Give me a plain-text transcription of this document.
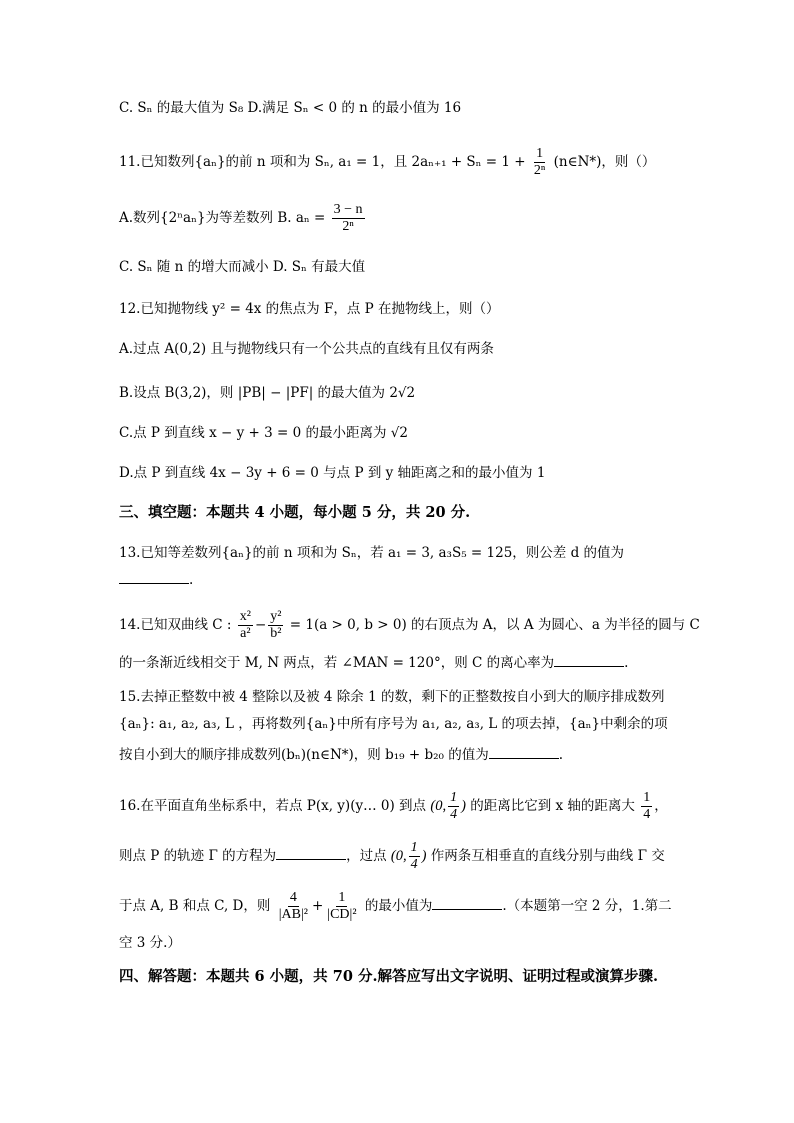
C. Sₙ 的最大值为 S₈ D.满足 Sₙ < 0 的 n 的最小值为 16
11.已知数列{aₙ}的前 n 项和为 Sₙ, a₁ = 1，且 $2a_{n+1} + S_n = 1 + \frac{1}{\text{2ⁿ}}$ (n∈N*)，则（）
A.数列{2ⁿaₙ}为等差数列 B. $a_n = \frac{3 - n}{\text{2ⁿ}}$
C. Sₙ 随 n 的增大而减小 D. Sₙ 有最大值
12.已知抛物线 y² = 4x 的焦点为 F，点 P 在抛物线上，则（）
A.过点 A(0,2) 且与抛物线只有一个公共点的直线有且仅有两条
B.设点 B(3,2)，则 |PB| − |PF| 的最大值为 2√2
C.点 P 到直线 x − y + 3 = 0 的最小距离为 √2
D.点 P 到直线 4x − 3y + 6 = 0 与点 P 到 y 轴距离之和的最小值为 1
三、填空题：本题共 4 小题，每小题 5 分，共 20 分.
13.已知等差数列{aₙ}的前 n 项和为 Sₙ，若 a₁ = 3, a₃S₅ = 125，则公差 d 的值为
.
14.已知双曲线 C : $\frac{\text{x²}}{\text{a²}} - \frac{\text{y²}}{\text{b²}} = 1(a > 0$, b > 0) 的右顶点为 A，以 A 为圆心、a 为半径的圆与 C
的一条渐近线相交于 M, N 两点，若 ∠MAN = 120°，则 C 的离心率为	.
15.去掉正整数中被 4 整除以及被 4 除余 1 的数，剩下的正整数按自小到大的顺序排成数列
{aₙ}: a₁, a₂, a₃, L ，再将数列{aₙ}中所有序号为 a₁, a₂, a₃, L 的项去掉，{aₙ}中剩余的项
按自小到大的顺序排成数列(bₙ)(n∈N*)，则 b₁₉ + b₂₀ 的值为	.
16.在平面直角坐标系中，若点 P(x, y)(y… 0) 到点 (0, $\frac{1}{4}$ ) 的距离比它到 x 轴的距离大 $\frac{1}{4}$ ，
则点 P 的轨迹 Γ 的方程为	，过点 (0, $\frac{1}{4}$ ) 作两条互相垂直的直线分别与曲线 Γ 交
于点 A, B 和点 C, D，则 $\frac{4}{\text{|AB|²}} + \frac{1}{\text{|CD|²}}$ 的最小值为	.（本题第一空 2 分，1.第二
空 3 分.）
四、解答题：本题共 6 小题，共 70 分.解答应写出文字说明、证明过程或演算步骤.
